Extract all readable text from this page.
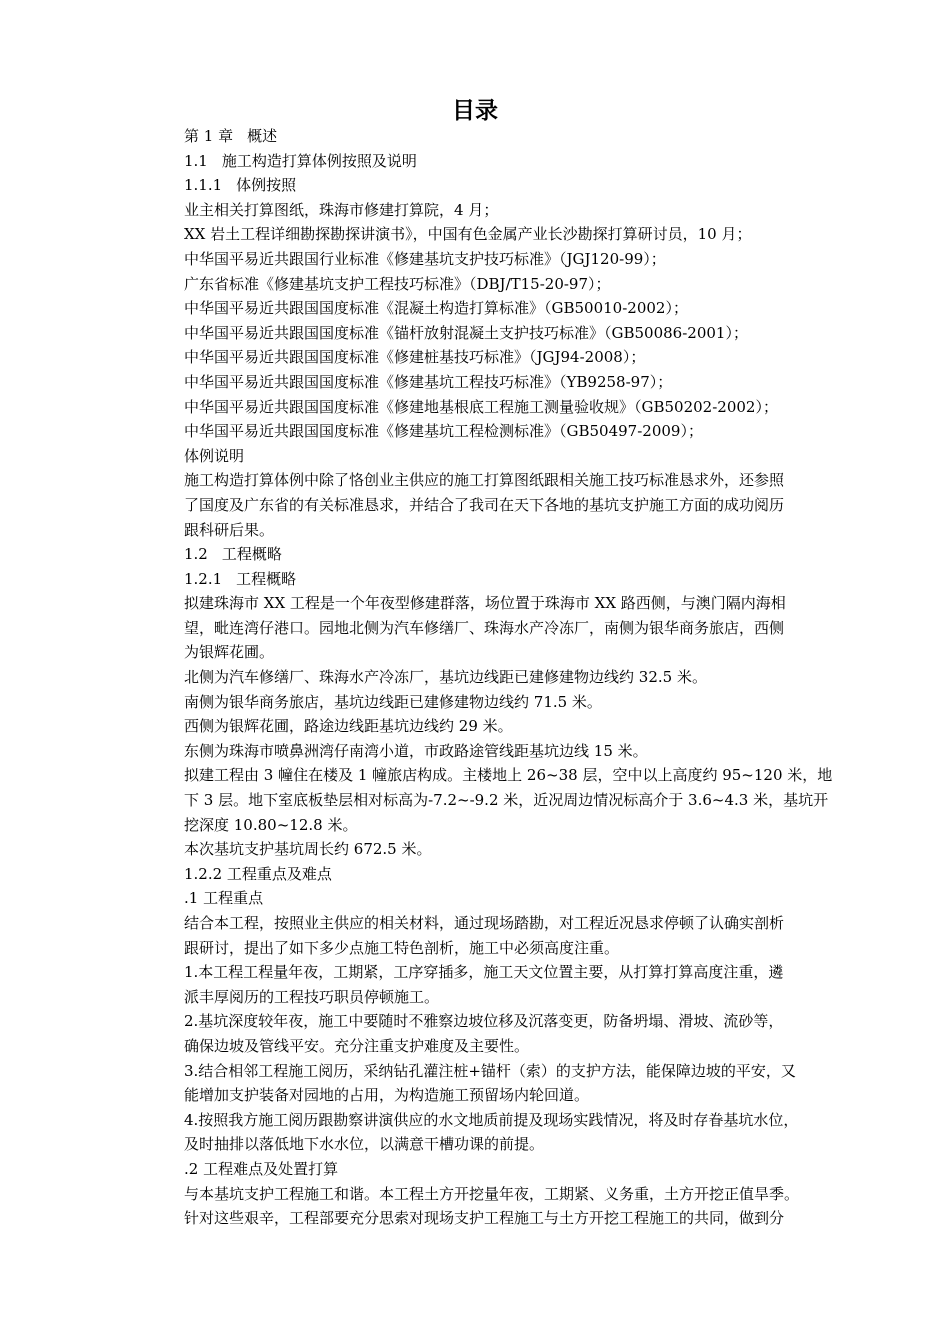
目录

第 1 章 概述

1.1 施工构造打算体例按照及说明

1.1.1 体例按照

业主相关打算图纸，珠海市修建打算院，4 月；

XX 岩土工程详细勘探勘探讲演书》，中国有色金属产业长沙勘探打算研讨员，10 月；

中华国平易近共跟国行业标准《修建基坑支护技巧标准》（JGJ120-99）；

广东省标准《修建基坑支护工程技巧标准》（DBJ/T15-20-97）；

中华国平易近共跟国国度标准《混凝土构造打算标准》（GB50010-2002）；

中华国平易近共跟国国度标准《锚杆放射混凝土支护技巧标准》（GB50086-2001）；

中华国平易近共跟国国度标准《修建桩基技巧标准》（JGJ94-2008）；

中华国平易近共跟国国度标准《修建基坑工程技巧标准》（YB9258-97）；

中华国平易近共跟国国度标准《修建地基根底工程施工测量验收规》（GB50202-2002）；

中华国平易近共跟国国度标准《修建基坑工程检测标准》（GB50497-2009）；

体例说明

施工构造打算体例中除了恪创业主供应的施工打算图纸跟相关施工技巧标准恳求外，还参照

了国度及广东省的有关标准恳求，并结合了我司在天下各地的基坑支护施工方面的成功阅历

跟科研后果。

1.2 工程概略

1.2.1 工程概略

拟建珠海市 XX 工程是一个年夜型修建群落，场位置于珠海市 XX 路西侧，与澳门隔内海相

望，毗连湾仔港口。园地北侧为汽车修缮厂、珠海水产冷冻厂，南侧为银华商务旅店，西侧

为银辉花圃。

北侧为汽车修缮厂、珠海水产冷冻厂，基坑边线距已建修建物边线约 32.5 米。

南侧为银华商务旅店，基坑边线距已建修建物边线约 71.5 米。

西侧为银辉花圃，路途边线距基坑边线约 29 米。

东侧为珠海市喷鼻洲湾仔南湾小道，市政路途管线距基坑边线 15 米。

拟建工程由 3 幢住在楼及 1 幢旅店构成。主楼地上 26~38 层，空中以上高度约 95~120 米，地

下 3 层。地下室底板垫层相对标高为-7.2~-9.2 米，近况周边情况标高介于 3.6~4.3 米，基坑开

挖深度 10.80~12.8 米。

本次基坑支护基坑周长约 672.5 米。

1.2.2 工程重点及难点

.1 工程重点

结合本工程，按照业主供应的相关材料，通过现场踏勘，对工程近况恳求停顿了认确实剖析

跟研讨，提出了如下多少点施工特色剖析，施工中必须高度注重。

1.本工程工程量年夜，工期紧，工序穿插多，施工天文位置主要，从打算打算高度注重，遴

派丰厚阅历的工程技巧职员停顿施工。

2.基坑深度较年夜，施工中要随时不雅察边坡位移及沉落变更，防备坍塌、滑坡、流砂等，

确保边坡及管线平安。充分注重支护难度及主要性。

3.结合相邻工程施工阅历，采纳钻孔灌注桩+锚杆（索）的支护方法，能保障边坡的平安，又

能增加支护装备对园地的占用，为构造施工预留场内轮回道。

4.按照我方施工阅历跟勘察讲演供应的水文地质前提及现场实践情况，将及时存眷基坑水位，

及时抽排以落低地下水水位，以满意干槽功课的前提。

.2 工程难点及处置打算

与本基坑支护工程施工和谐。本工程土方开挖量年夜，工期紧、义务重，土方开挖正值旱季。

针对这些艰辛，工程部要充分思索对现场支护工程施工与土方开挖工程施工的共同，做到分
